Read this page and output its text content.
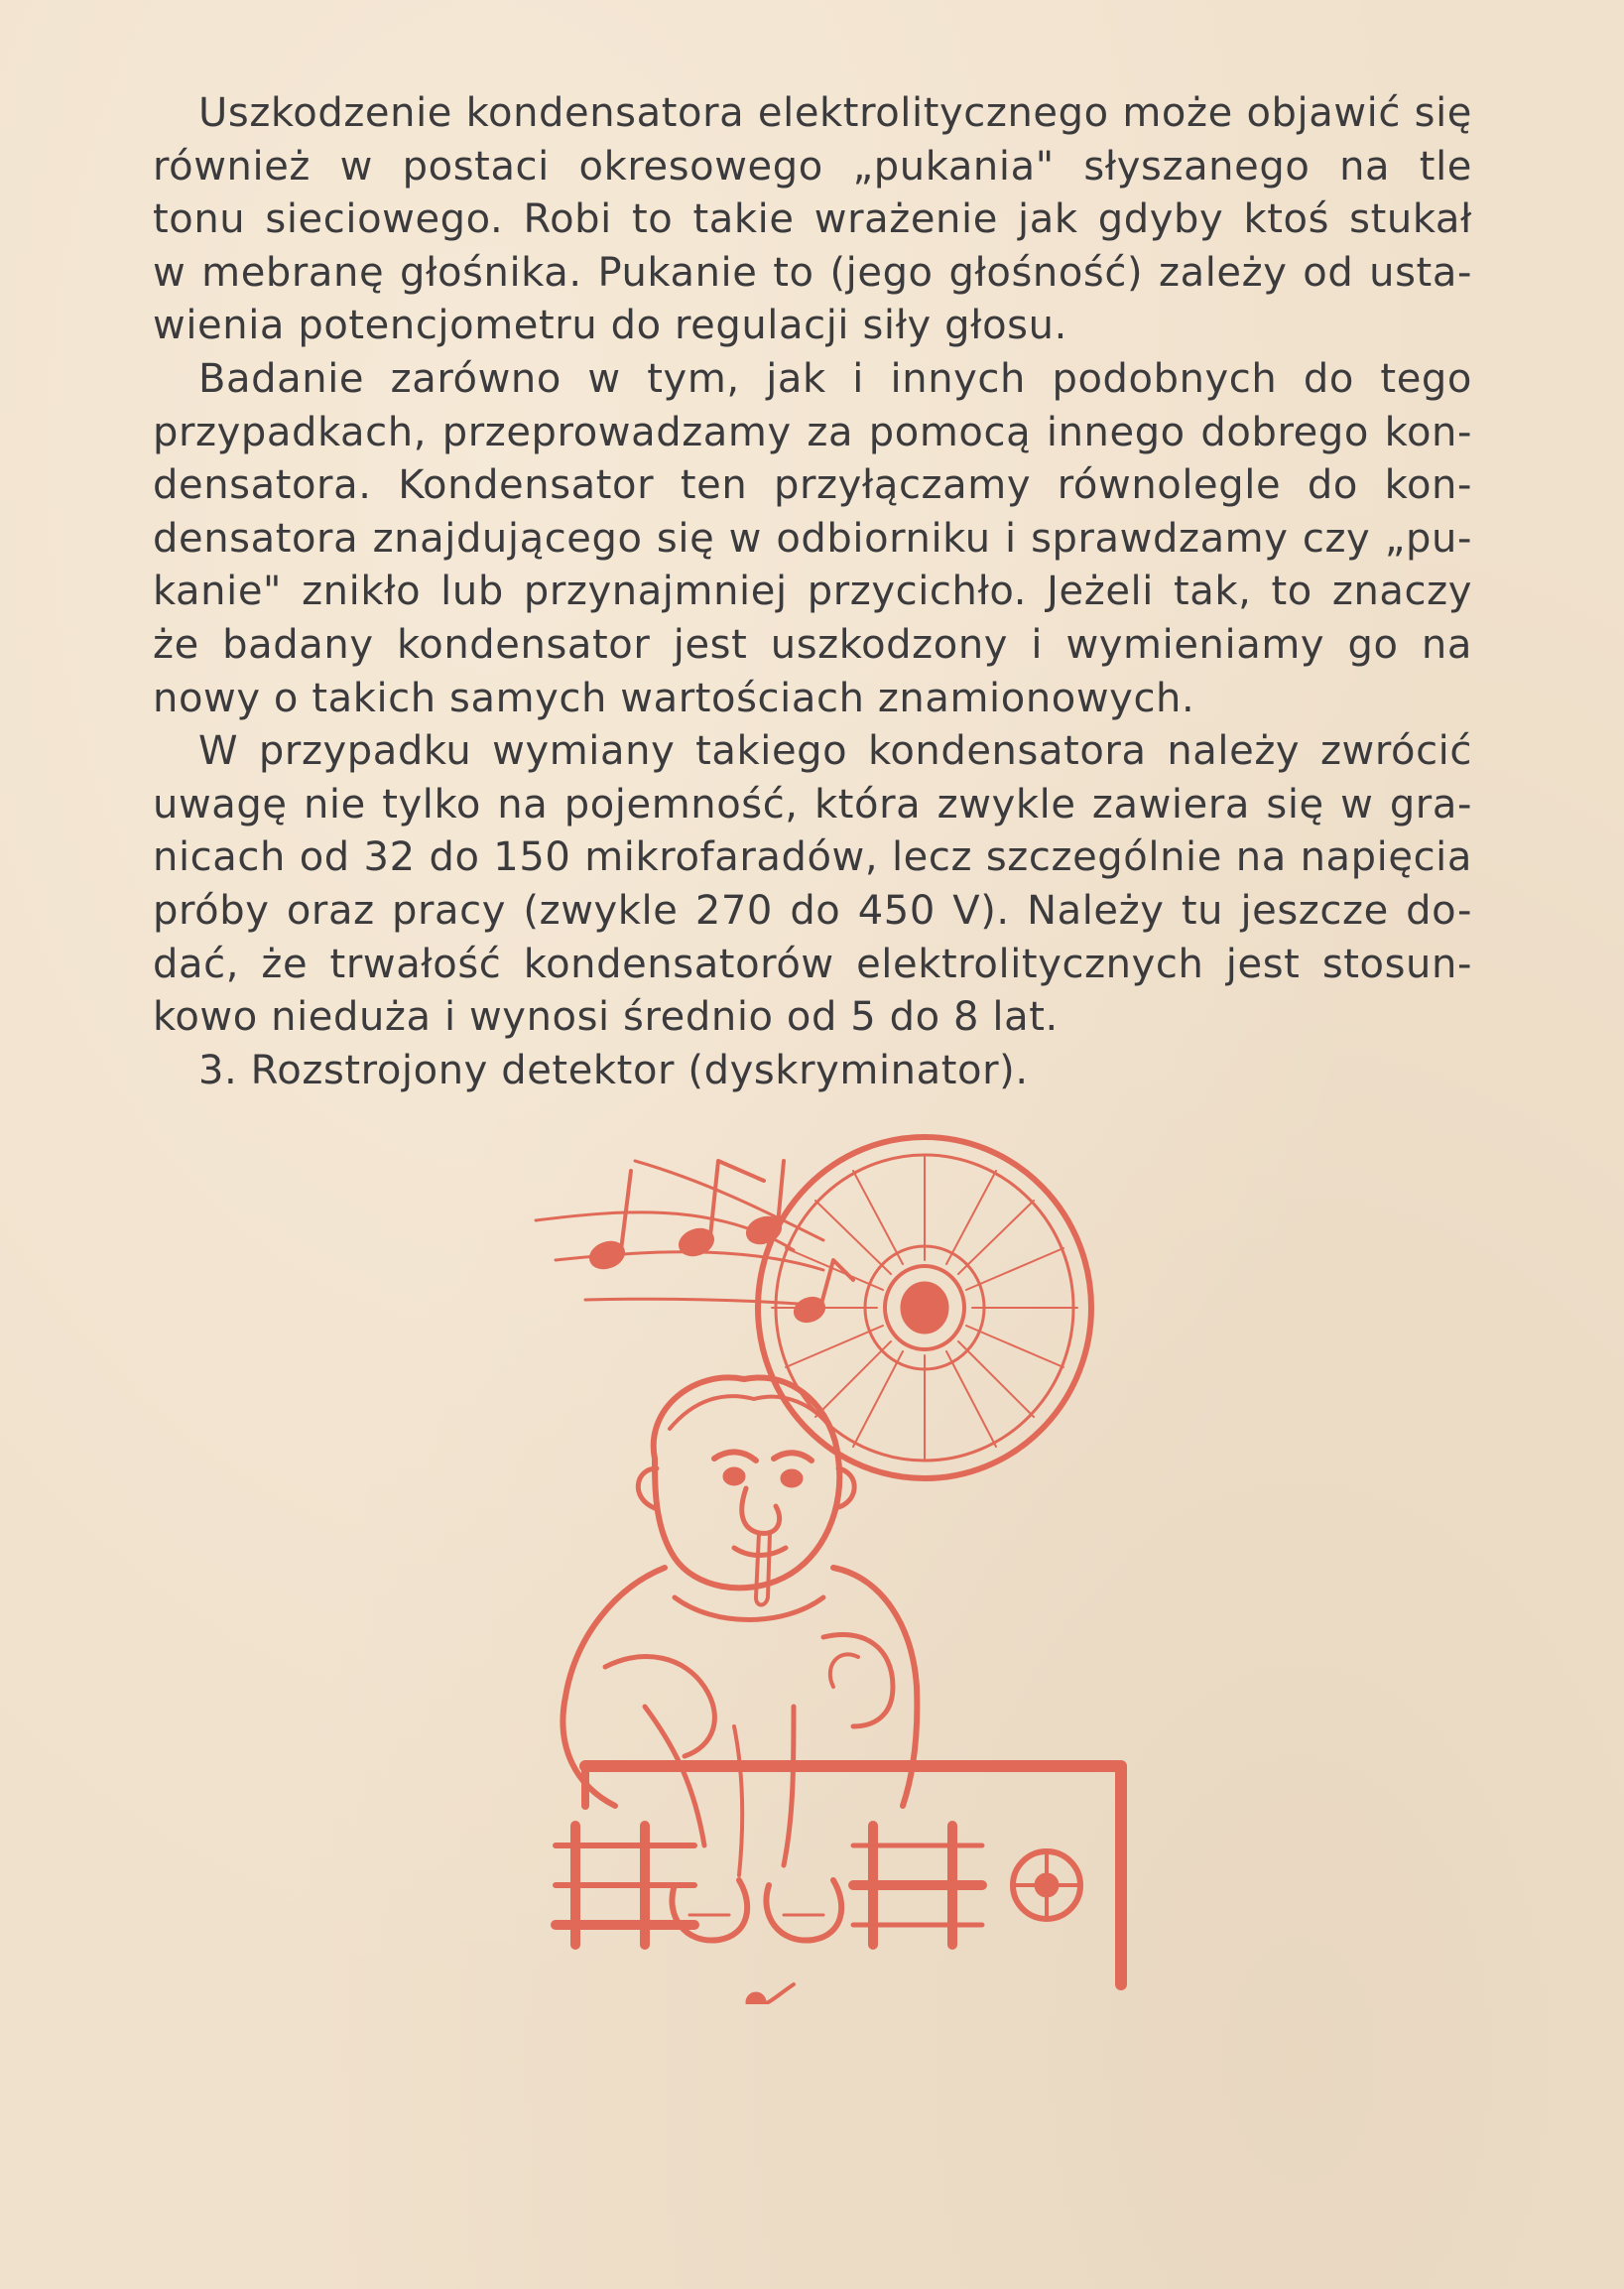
Uszkodzenie kondensatora elektrolitycznego może objawić się
również w postaci okresowego „pukania" słyszanego na tle
tonu sieciowego. Robi to takie wrażenie jak gdyby ktoś stukał
w mebranę głośnika. Pukanie to (jego głośność) zależy od usta-
wienia potencjometru do regulacji siły głosu.
Badanie zarówno w tym, jak i innych podobnych do tego
przypadkach, przeprowadzamy za pomocą innego dobrego kon-
densatora. Kondensator ten przyłączamy równolegle do kon-
densatora znajdującego się w odbiorniku i sprawdzamy czy „pu-
kanie" znikło lub przynajmniej przycichło. Jeżeli tak, to znaczy
że badany kondensator jest uszkodzony i wymieniamy go na
nowy o takich samych wartościach znamionowych.
W przypadku wymiany takiego kondensatora należy zwrócić
uwagę nie tylko na pojemność, która zwykle zawiera się w gra-
nicach od 32 do 150 mikrofaradów, lecz szczególnie na napięcia
próby oraz pracy (zwykle 270 do 450 V). Należy tu jeszcze do-
dać, że trwałość kondensatorów elektrolitycznych jest stosun-
kowo nieduża i wynosi średnio od 5 do 8 lat.
3. Rozstrojony detektor (dyskryminator).
